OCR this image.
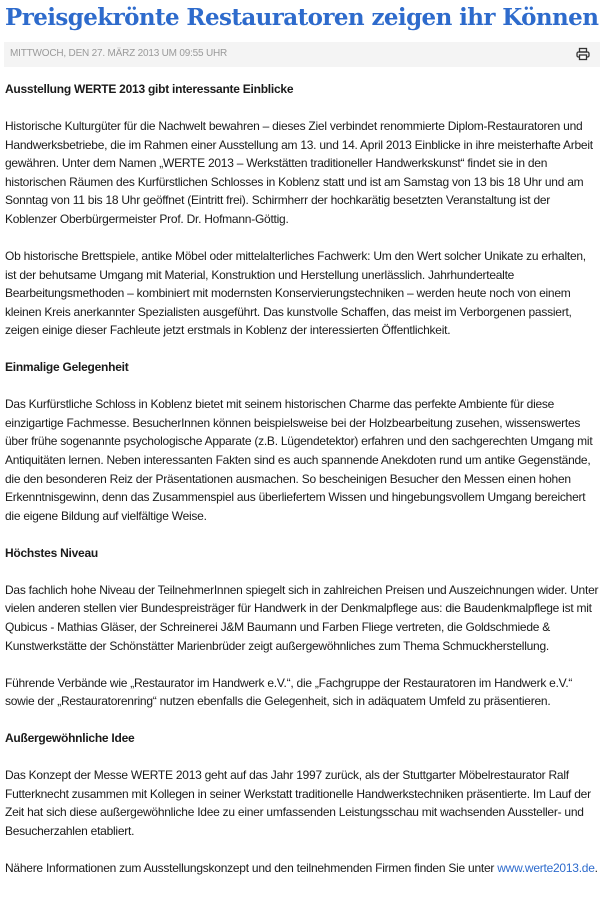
Preisgekrönte Restauratoren zeigen ihr Können
MITTWOCH, DEN 27. MÄRZ 2013 UM 09:55 UHR
Ausstellung WERTE 2013 gibt interessante Einblicke

Historische Kulturgüter für die Nachwelt bewahren – dieses Ziel verbindet renommierte Diplom-Restauratoren und Handwerksbetriebe, die im Rahmen einer Ausstellung am 13. und 14. April 2013 Einblicke in ihre meisterhafte Arbeit gewähren. Unter dem Namen „WERTE 2013 – Werkstätten traditioneller Handwerkskunst“ findet sie in den historischen Räumen des Kurfürstlichen Schlosses in Koblenz statt und ist am Samstag von 13 bis 18 Uhr und am Sonntag von 11 bis 18 Uhr geöffnet (Eintritt frei). Schirmherr der hochkarätig besetzten Veranstaltung ist der Koblenzer Oberbürgermeister Prof. Dr. Hofmann-Göttig.

Ob historische Brettspiele, antike Möbel oder mittelalterliches Fachwerk: Um den Wert solcher Unikate zu erhalten, ist der behutsame Umgang mit Material, Konstruktion und Herstellung unerlässlich. Jahrhundertealte Bearbeitungsmethoden – kombiniert mit modernsten Konservierungstechniken – werden heute noch von einem kleinen Kreis anerkannter Spezialisten ausgeführt. Das kunstvolle Schaffen, das meist im Verborgenen passiert, zeigen einige dieser Fachleute jetzt erstmals in Koblenz der interessierten Öffentlichkeit.

Einmalige Gelegenheit

Das Kurfürstliche Schloss in Koblenz bietet mit seinem historischen Charme das perfekte Ambiente für diese einzigartige Fachmesse. BesucherInnen können beispielsweise bei der Holzbearbeitung zusehen, wissenswertes über frühe sogenannte psychologische Apparate (z.B. Lügendetektor) erfahren und den sachgerechten Umgang mit Antiquitäten lernen. Neben interessanten Fakten sind es auch spannende Anekdoten rund um antike Gegenstände, die den besonderen Reiz der Präsentationen ausmachen. So bescheinigen Besucher den Messen einen hohen Erkenntnisgewinn, denn das Zusammenspiel aus überliefertem Wissen und hingebungsvollem Umgang bereichert die eigene Bildung auf vielfältige Weise.

Höchstes Niveau

Das fachlich hohe Niveau der TeilnehmerInnen spiegelt sich in zahlreichen Preisen und Auszeichnungen wider. Unter vielen anderen stellen vier Bundespreisträger für Handwerk in der Denkmalpflege aus: die Baudenkmalpflege ist mit Qubicus - Mathias Gläser, der Schreinerei J&M Baumann und Farben Fliege vertreten, die Goldschmiede & Kunstwerkstätte der Schönstätter Marienbrüder zeigt außergewöhnliches zum Thema Schmuckherstellung.

Führende Verbände wie „Restaurator im Handwerk e.V.“, die „Fachgruppe der Restauratoren im Handwerk e.V.“ sowie der „Restauratorenring“ nutzen ebenfalls die Gelegenheit, sich in adäquatem Umfeld zu präsentieren.

Außergewöhnliche Idee

Das Konzept der Messe WERTE 2013 geht auf das Jahr 1997 zurück, als der Stuttgarter Möbelrestaurator Ralf Futterknecht zusammen mit Kollegen in seiner Werkstatt traditionelle Handwerkstechniken präsentierte. Im Lauf der Zeit hat sich diese außergewöhnliche Idee zu einer umfassenden Leistungsschau mit wachsenden Aussteller- und Besucherzahlen etabliert.

Nähere Informationen zum Ausstellungskonzept und den teilnehmenden Firmen finden Sie unter www.werte2013.de.
